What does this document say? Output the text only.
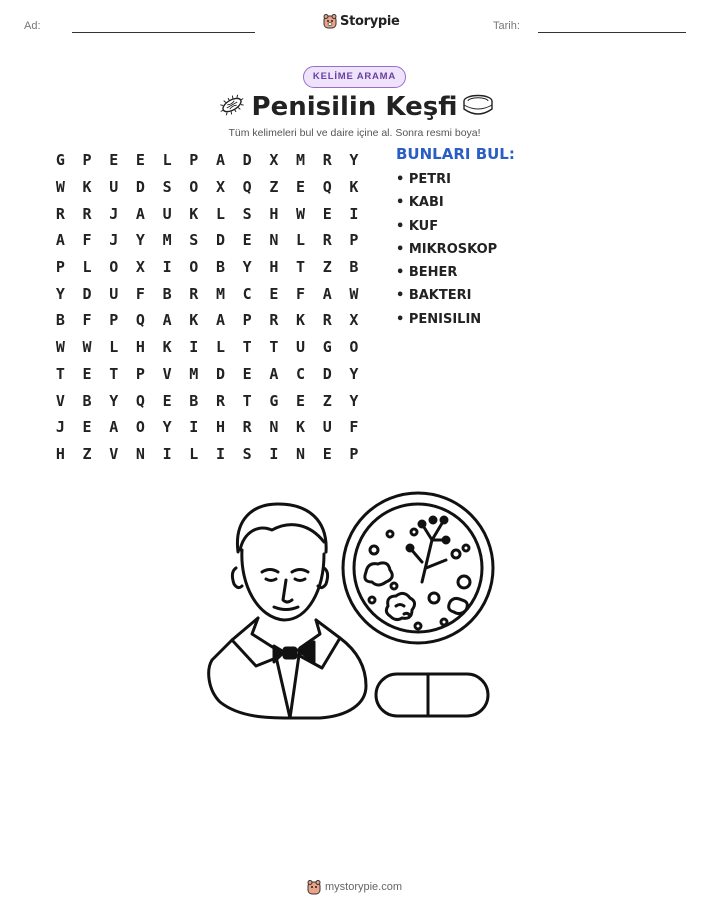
Ad:	Storypie	Tarih:
KELİME ARAMA
Penisilin Keşfi
Tüm kelimeleri bul ve daire içine al. Sonra resmi boya!
G	P	E	E	L	P	A	D	X	M	R	Y
W	K	U	D	S	O	X	Q	Z	E	Q	K
R	R	J	A	U	K	L	S	H	W	E	I
A	F	J	Y	M	S	D	E	N	L	R	P
P	L	O	X	I	O	B	Y	H	T	Z	B
Y	D	U	F	B	R	M	C	E	F	A	W
B	F	P	Q	A	K	A	P	R	K	R	X
W	W	L	H	K	I	L	T	T	U	G	O
T	E	T	P	V	M	D	E	A	C	D	Y
V	B	Y	Q	E	B	R	T	G	E	Z	Y
J	E	A	O	Y	I	H	R	N	K	U	F
H	Z	V	N	I	L	I	S	I	N	E	P
BUNLARI BUL:
• PETRI
• KABI
• KUF
• MIKROSKOP
• BEHER
• BAKTERI
• PENISILIN
mystorypie.com
